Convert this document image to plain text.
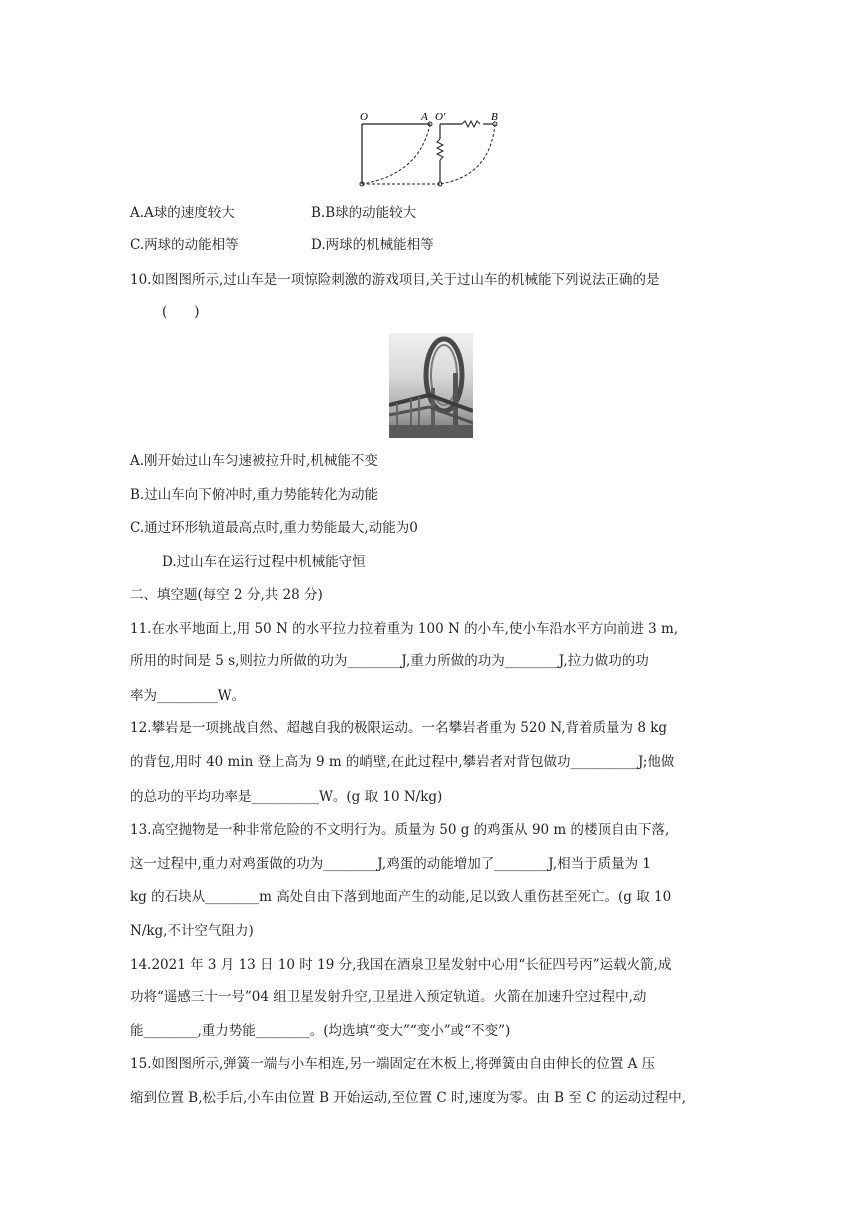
O	A O′	B
A.A球的速度较大	B.B球的动能较大
C.两球的动能相等	D.两球的机械能相等
10.如图图所示,过山车是一项惊险刺激的游戏项目,关于过山车的机械能下列说法正确的是
(　　)
A.刚开始过山车匀速被拉升时,机械能不变
B.过山车向下俯冲时,重力势能转化为动能
C.通过环形轨道最高点时,重力势能最大,动能为0
D.过山车在运行过程中机械能守恒
二、填空题(每空 2 分,共 28 分)
11.在水平地面上,用 50 N 的水平拉力拉着重为 100 N 的小车,使小车沿水平方向前进 3 m,
所用的时间是 5 s,则拉力所做的功为________J,重力所做的功为________J,拉力做功的功
率为_________W。
12.攀岩是一项挑战自然、超越自我的极限运动。一名攀岩者重为 520 N,背着质量为 8 kg
的背包,用时 40 min 登上高为 9 m 的峭壁,在此过程中,攀岩者对背包做功__________J;他做
的总功的平均功率是__________W。(g 取 10 N/kg)
13.高空抛物是一种非常危险的不文明行为。质量为 50 g 的鸡蛋从 90 m 的楼顶自由下落,
这一过程中,重力对鸡蛋做的功为________J,鸡蛋的动能增加了________J,相当于质量为 1
kg 的石块从________m 高处自由下落到地面产生的动能,足以致人重伤甚至死亡。(g 取 10
N/kg,不计空气阻力)
14.2021 年 3 月 13 日 10 时 19 分,我国在酒泉卫星发射中心用“长征四号丙”运载火箭,成
功将“遥感三十一号”04 组卫星发射升空,卫星进入预定轨道。火箭在加速升空过程中,动
能________,重力势能________。(均选填“变大”“变小”或“不变”)
15.如图图所示,弹簧一端与小车相连,另一端固定在木板上,将弹簧由自由伸长的位置 A 压
缩到位置 B,松手后,小车由位置 B 开始运动,至位置 C 时,速度为零。由 B 至 C 的运动过程中,
